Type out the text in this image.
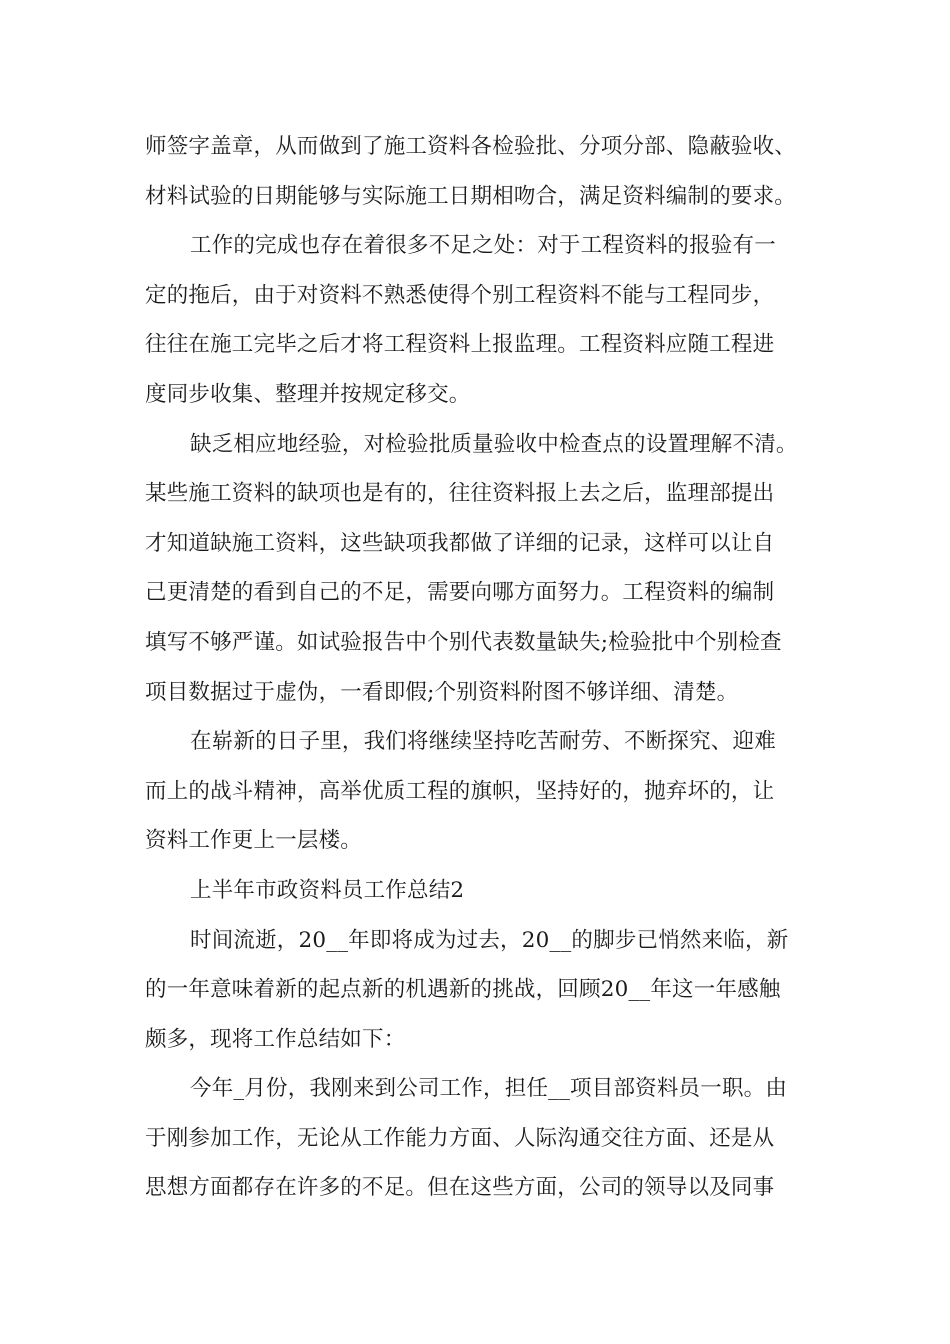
师签字盖章，从而做到了施工资料各检验批、分项分部、隐蔽验收、
材料试验的日期能够与实际施工日期相吻合，满足资料编制的要求。
工作的完成也存在着很多不足之处：对于工程资料的报验有一
定的拖后，由于对资料不熟悉使得个别工程资料不能与工程同步，
往往在施工完毕之后才将工程资料上报监理。工程资料应随工程进
度同步收集、整理并按规定移交。
缺乏相应地经验，对检验批质量验收中检查点的设置理解不清。
某些施工资料的缺项也是有的，往往资料报上去之后，监理部提出
才知道缺施工资料，这些缺项我都做了详细的记录，这样可以让自
己更清楚的看到自己的不足，需要向哪方面努力。工程资料的编制
填写不够严谨。如试验报告中个别代表数量缺失;检验批中个别检查
项目数据过于虚伪，一看即假;个别资料附图不够详细、清楚。
在崭新的日子里，我们将继续坚持吃苦耐劳、不断探究、迎难
而上的战斗精神，高举优质工程的旗帜，坚持好的，抛弃坏的，让
资料工作更上一层楼。
上半年市政资料员工作总结2
时间流逝，20__年即将成为过去，20__的脚步已悄然来临，新
的一年意味着新的起点新的机遇新的挑战，回顾20__年这一年感触
颇多，现将工作总结如下：
今年_月份，我刚来到公司工作，担任__项目部资料员一职。由
于刚参加工作，无论从工作能力方面、人际沟通交往方面、还是从
思想方面都存在许多的不足。但在这些方面，公司的领导以及同事
